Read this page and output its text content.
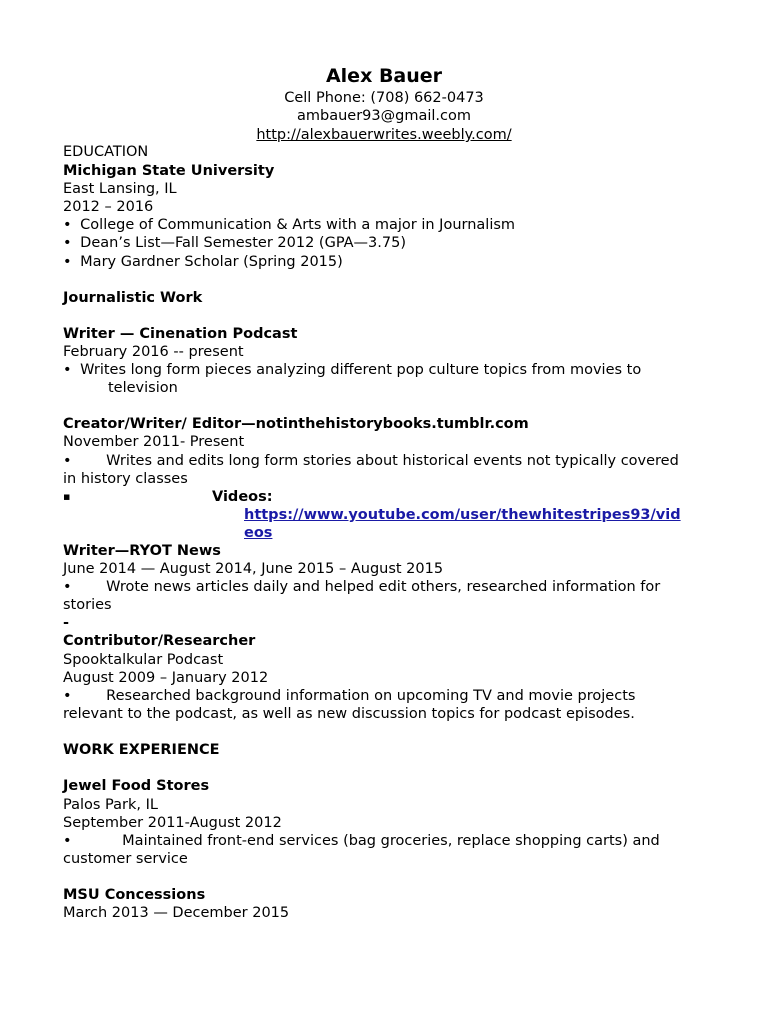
Alex Bauer
Cell Phone: (708) 662-0473
ambauer93@gmail.com
http://alexbauerwrites.weebly.com/
EDUCATION
Michigan State University
East Lansing, IL
2012 – 2016
• College of Communication & Arts with a major in Journalism
• Dean’s List—Fall Semester 2012 (GPA—3.75)
• Mary Gardner Scholar (Spring 2015)
Journalistic Work
Writer — Cinenation Podcast
February 2016 -- present
• Writes long form pieces analyzing different pop culture topics from movies to
television
Creator/Writer/ Editor—notinthehistorybooks.tumblr.com
November 2011- Present
• Writes and edits long form stories about historical events not typically covered
in history classes
▪	Videos:
https://www.youtube.com/user/thewhitestripes93/vid
eos
Writer—RYOT News
June 2014 — August 2014, June 2015 – August 2015
• Wrote news articles daily and helped edit others, researched information for
stories
-
Contributor/Researcher
Spooktalkular Podcast
August 2009 – January 2012
• Researched background information on upcoming TV and movie projects
relevant to the podcast, as well as new discussion topics for podcast episodes.
WORK EXPERIENCE
Jewel Food Stores
Palos Park, IL
September 2011-August 2012
•	Maintained front-end services (bag groceries, replace shopping carts) and
customer service
MSU Concessions
March 2013 — December 2015
